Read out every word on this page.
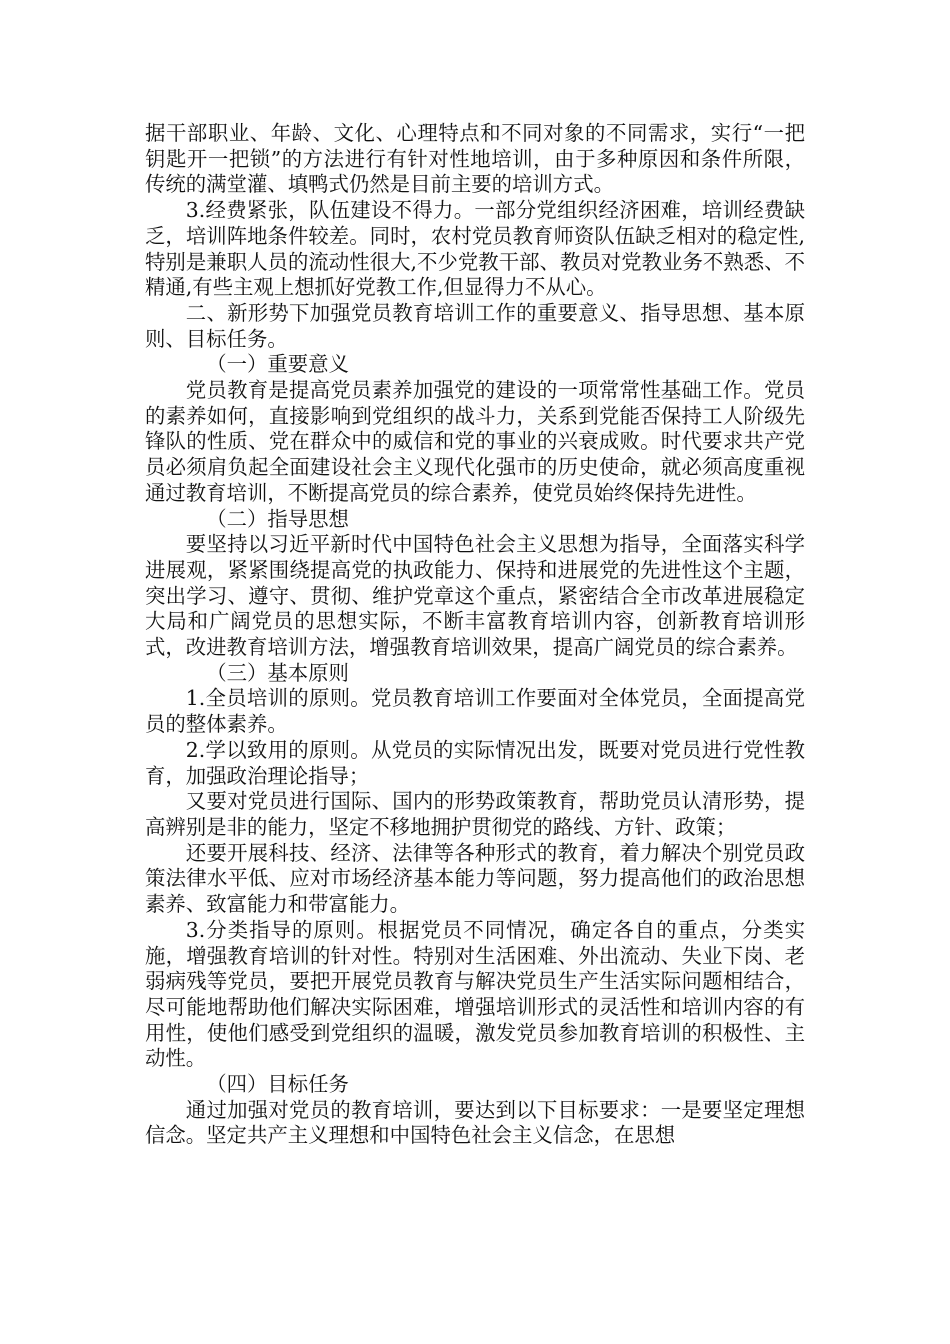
据干部职业、年龄、文化、心理特点和不同对象的不同需求，实行“一把钥匙开一把锁”的方法进行有针对性地培训，由于多种原因和条件所限，传统的满堂灌、填鸭式仍然是目前主要的培训方式。

3.经费紧张，队伍建设不得力。一部分党组织经济困难，培训经费缺乏，培训阵地条件较差。同时，农村党员教育师资队伍缺乏相对的稳定性,特别是兼职人员的流动性很大,不少党教干部、教员对党教业务不熟悉、不精通,有些主观上想抓好党教工作,但显得力不从心。

二、新形势下加强党员教育培训工作的重要意义、指导思想、基本原则、目标任务。

（一）重要意义

党员教育是提高党员素养加强党的建设的一项常常性基础工作。党员的素养如何，直接影响到党组织的战斗力，关系到党能否保持工人阶级先锋队的性质、党在群众中的威信和党的事业的兴衰成败。时代要求共产党员必须肩负起全面建设社会主义现代化强市的历史使命，就必须高度重视通过教育培训，不断提高党员的综合素养，使党员始终保持先进性。

（二）指导思想

要坚持以习近平新时代中国特色社会主义思想为指导，全面落实科学进展观，紧紧围绕提高党的执政能力、保持和进展党的先进性这个主题，突出学习、遵守、贯彻、维护党章这个重点，紧密结合全市改革进展稳定大局和广阔党员的思想实际，不断丰富教育培训内容，创新教育培训形式，改进教育培训方法，增强教育培训效果，提高广阔党员的综合素养。

（三）基本原则

1.全员培训的原则。党员教育培训工作要面对全体党员，全面提高党员的整体素养。

2.学以致用的原则。从党员的实际情况出发，既要对党员进行党性教育，加强政治理论指导；

又要对党员进行国际、国内的形势政策教育，帮助党员认清形势，提高辨别是非的能力，坚定不移地拥护贯彻党的路线、方针、政策；

还要开展科技、经济、法律等各种形式的教育，着力解决个别党员政策法律水平低、应对市场经济基本能力等问题，努力提高他们的政治思想素养、致富能力和带富能力。

3.分类指导的原则。根据党员不同情况，确定各自的重点，分类实施，增强教育培训的针对性。特别对生活困难、外出流动、失业下岗、老弱病残等党员，要把开展党员教育与解决党员生产生活实际问题相结合，尽可能地帮助他们解决实际困难，增强培训形式的灵活性和培训内容的有用性，使他们感受到党组织的温暖，激发党员参加教育培训的积极性、主动性。

（四）目标任务

通过加强对党员的教育培训，要达到以下目标要求：一是要坚定理想信念。坚定共产主义理想和中国特色社会主义信念，在思想
